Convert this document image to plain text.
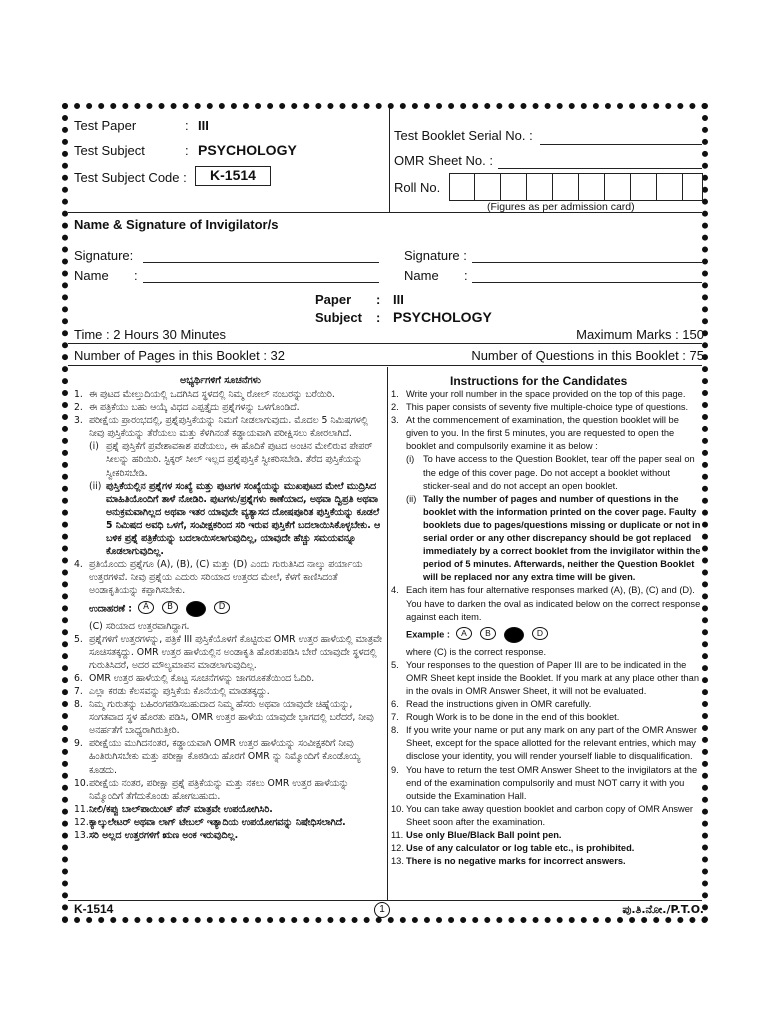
Test Paper	: III
Test Subject	: PSYCHOLOGY
Test Subject Code :	K-1514
Test Booklet Serial No. :
OMR Sheet No. :
Roll No.
(Figures as per admission card)
Name & Signature of Invigilator/s
Signature:
Name :
Signature :
Name :
Paper : III
Subject : PSYCHOLOGY
Time : 2 Hours 30 Minutes	Maximum Marks : 150
Number of Pages in this Booklet : 32	Number of Questions in this Booklet : 75
ಅಭ್ಯರ್ಥಿಗಳಿಗೆ ಸೂಚನೆಗಳು
1. ಈ ಪುಟದ ಮೇಲ್ತುದಿಯಲ್ಲಿ ಒದಗಿಸಿದ ಸ್ಥಳದಲ್ಲಿ ನಿಮ್ಮ ರೋಲ್ ನಂಬರನ್ನು ಬರೆಯಿರಿ.
2. ಈ ಪತ್ರಿಕೆಯು ಬಹು ಆಯ್ಕೆ ವಿಧದ ಎಪ್ಪತ್ತೈದು ಪ್ರಶ್ನೆಗಳನ್ನು ಒಳಗೊಂಡಿದೆ.
3. ಪರೀಕ್ಷೆಯ ಪ್ರಾರಂಭದಲ್ಲಿ, ಪ್ರಶ್ನೆಪುಸ್ತಿಕೆಯನ್ನು ನಿಮಗೆ ನೀಡಲಾಗುವುದು. ಮೊದಲ 5 ನಿಮಿಷಗಳಲ್ಲಿ ನೀವು ಪುಸ್ತಿಕೆಯನ್ನು ತೆರೆಯಲು ಮತ್ತು ಕೆಳಗಿನಂತೆ ಕಡ್ಡಾಯವಾಗಿ ಪರೀಕ್ಷಿಸಲು ಕೋರಲಾಗಿದೆ.
(i) ಪ್ರಶ್ನೆ ಪುಸ್ತಿಕೆಗೆ ಪ್ರವೇಶಾವಕಾಶ ಪಡೆಯಲು, ಈ ಹೊದಿಕೆ ಪುಟದ ಅಂಚಿನ ಮೇಲಿರುವ ಪೇಪರ್ ಸೀಲನ್ನು ಹರಿಯಿರಿ. ಸ್ಟಿಕ್ಕರ್ ಸೀಲ್ ಇಲ್ಲದ ಪ್ರಶ್ನೆಪುಸ್ತಿಕೆ ಸ್ವೀಕರಿಸಬೇಡಿ. ತೆರೆದ ಪುಸ್ತಿಕೆಯನ್ನು ಸ್ವೀಕರಿಸಬೇಡಿ.
(ii) ಪುಸ್ತಿಕೆಯಲ್ಲಿನ ಪ್ರಶ್ನೆಗಳ ಸಂಖ್ಯೆ ಮತ್ತು ಪುಟಗಳ ಸಂಖ್ಯೆಯನ್ನು ಮುಖಪುಟದ ಮೇಲೆ ಮುದ್ರಿಸಿದ ಮಾಹಿತಿಯೊಂದಿಗೆ ತಾಳೆ ನೋಡಿರಿ. ಪುಟಗಳು/ಪ್ರಶ್ನೆಗಳು ಕಾಣೆಯಾದ, ಅಥವಾ ದ್ವಿಪ್ರತಿ ಅಥವಾ ಅನುಕ್ರಮವಾಗಿಲ್ಲದ ಅಥವಾ ಇತರ ಯಾವುದೇ ವ್ಯತ್ಯಾಸದ ದೋಷಪೂರಿತ ಪುಸ್ತಿಕೆಯನ್ನು ಕೂಡಲೆ 5 ನಿಮಿಷದ ಅವಧಿ ಒಳಗೆ, ಸಂವೀಕ್ಷಕರಿಂದ ಸರಿ ಇರುವ ಪುಸ್ತಿಕೆಗೆ ಬದಲಾಯಿಸಿಕೊಳ್ಳಬೇಕು. ಆ ಬಳಿಕ ಪ್ರಶ್ನೆ ಪತ್ರಿಕೆಯನ್ನು ಬದಲಾಯಿಸಲಾಗುವುದಿಲ್ಲ, ಯಾವುದೇ ಹೆಚ್ಚು ಸಮಯವನ್ನೂ ಕೊಡಲಾಗುವುದಿಲ್ಲ.
4. ಪ್ರತಿಯೊಂದು ಪ್ರಶ್ನೆಗೂ (A), (B), (C) ಮತ್ತು (D) ಎಂದು ಗುರುತಿಸಿದ ನಾಲ್ಕು ಪರ್ಯಾಯ ಉತ್ತರಗಳಿವೆ. ನೀವು ಪ್ರಶ್ನೆಯ ಎದುರು ಸರಿಯಾದ ಉತ್ತರದ ಮೇಲೆ, ಕೆಳಗೆ ಕಾಣಿಸಿದಂತೆ ಅಂಡಾಕೃತಿಯನ್ನು ಕಪ್ಪಾಗಿಸಬೇಕು.
ಉದಾಹರಣೆ :	A	B	D
(C) ಸರಿಯಾದ ಉತ್ತರವಾಗಿದ್ದಾಗ.
5. ಪ್ರಶ್ನೆಗಳಿಗೆ ಉತ್ತರಗಳನ್ನು, ಪತ್ರಿಕೆ III ಪುಸ್ತಿಕೆಯೊಳಗೆ ಕೊಟ್ಟಿರುವ OMR ಉತ್ತರ ಹಾಳೆಯಲ್ಲಿ ಮಾತ್ರವೇ ಸೂಚಿಸತಕ್ಕದ್ದು. OMR ಉತ್ತರ ಹಾಳೆಯಲ್ಲಿನ ಅಂಡಾಕೃತಿ ಹೊರತುಪಡಿಸಿ ಬೇರೆ ಯಾವುದೇ ಸ್ಥಳದಲ್ಲಿ ಗುರುತಿಸಿದರೆ, ಅದರ ಮೌಲ್ಯಮಾಪನ ಮಾಡಲಾಗುವುದಿಲ್ಲ.
6. OMR ಉತ್ತರ ಹಾಳೆಯಲ್ಲಿ ಕೊಟ್ಟ ಸೂಚನೆಗಳನ್ನು ಜಾಗರೂಕತೆಯಿಂದ ಓದಿರಿ.
7. ಎಲ್ಲಾ ಕರಡು ಕೆಲಸವನ್ನು ಪುಸ್ತಿಕೆಯ ಕೊನೆಯಲ್ಲಿ ಮಾಡತಕ್ಕದ್ದು.
8. ನಿಮ್ಮ ಗುರುತನ್ನು ಬಹಿರಂಗಪಡಿಸಬಹುದಾದ ನಿಮ್ಮ ಹೆಸರು ಅಥವಾ ಯಾವುದೇ ಚಿಹ್ನೆಯನ್ನು, ಸಂಗತವಾದ ಸ್ಥಳ ಹೊರತು ಪಡಿಸಿ, OMR ಉತ್ತರ ಹಾಳೆಯ ಯಾವುದೇ ಭಾಗದಲ್ಲಿ ಬರೆದರೆ, ನೀವು ಅನರ್ಹತೆಗೆ ಬಾಧ್ಯರಾಗಿರುತ್ತೀರಿ.
9. ಪರೀಕ್ಷೆಯು ಮುಗಿದನಂತರ, ಕಡ್ಡಾಯವಾಗಿ OMR ಉತ್ತರ ಹಾಳೆಯನ್ನು ಸಂವೀಕ್ಷಕರಿಗೆ ನೀವು ಹಿಂತಿರುಗಿಸಬೇಕು ಮತ್ತು ಪರೀಕ್ಷಾ ಕೊಠಡಿಯ ಹೊರಗೆ OMR ನ್ನು ನಿಮ್ಮೊಂದಿಗೆ ಕೊಂಡೊಯ್ಯ ಕೂಡದು.
10. ಪರೀಕ್ಷೆಯ ನಂತರ, ಪರೀಕ್ಷಾ ಪ್ರಶ್ನೆ ಪತ್ರಿಕೆಯನ್ನು ಮತ್ತು ನಕಲು OMR ಉತ್ತರ ಹಾಳೆಯನ್ನು ನಿಮ್ಮೊಂದಿಗೆ ತೆಗೆದುಕೊಂಡು ಹೋಗಬಹುದು.
11. ನೀಲಿ/ಕಪ್ಪು ಬಾಲ್‌ಪಾಯಿಂಟ್ ಪೆನ್ ಮಾತ್ರವೇ ಉಪಯೋಗಿಸಿರಿ.
12. ಕ್ಯಾಲ್ಕುಲೇಟರ್ ಅಥವಾ ಲಾಗ್ ಟೇಬಲ್ ಇತ್ಯಾದಿಯ ಉಪಯೋಗವನ್ನು ನಿಷೇಧಿಸಲಾಗಿದೆ.
13. ಸರಿ ಅಲ್ಲದ ಉತ್ತರಗಳಿಗೆ ಋಣ ಅಂಕ ಇರುವುದಿಲ್ಲ.
Instructions for the Candidates
1. Write your roll number in the space provided on the top of this page.
2. This paper consists of seventy five multiple-choice type of questions.
3. At the commencement of examination, the question booklet will be given to you. In the first 5 minutes, you are requested to open the booklet and compulsorily examine it as below :
(i) To have access to the Question Booklet, tear off the paper seal on the edge of this cover page. Do not accept a booklet without sticker-seal and do not accept an open booklet.
(ii) Tally the number of pages and number of questions in the booklet with the information printed on the cover page. Faulty booklets due to pages/questions missing or duplicate or not in serial order or any other discrepancy should be got replaced immediately by a correct booklet from the invigilator within the period of 5 minutes. Afterwards, neither the Question Booklet will be replaced nor any extra time will be given.
4. Each item has four alternative responses marked (A), (B), (C) and (D). You have to darken the oval as indicated below on the correct response against each item.
Example :	A	B	D
where (C) is the correct response.
5. Your responses to the question of Paper III are to be indicated in the OMR Sheet kept inside the Booklet. If you mark at any place other than in the ovals in OMR Answer Sheet, it will not be evaluated.
6. Read the instructions given in OMR carefully.
7. Rough Work is to be done in the end of this booklet.
8. If you write your name or put any mark on any part of the OMR Answer Sheet, except for the space allotted for the relevant entries, which may disclose your identity, you will render yourself liable to disqualification.
9. You have to return the test OMR Answer Sheet to the invigilators at the end of the examination compulsorily and must NOT carry it with you outside the Examination Hall.
10. You can take away question booklet and carbon copy of OMR Answer Sheet soon after the examination.
11. Use only Blue/Black Ball point pen.
12. Use of any calculator or log table etc., is prohibited.
13. There is no negative marks for incorrect answers.
K-1514	1	ಪು.ತಿ.ನೋ./P.T.O.
